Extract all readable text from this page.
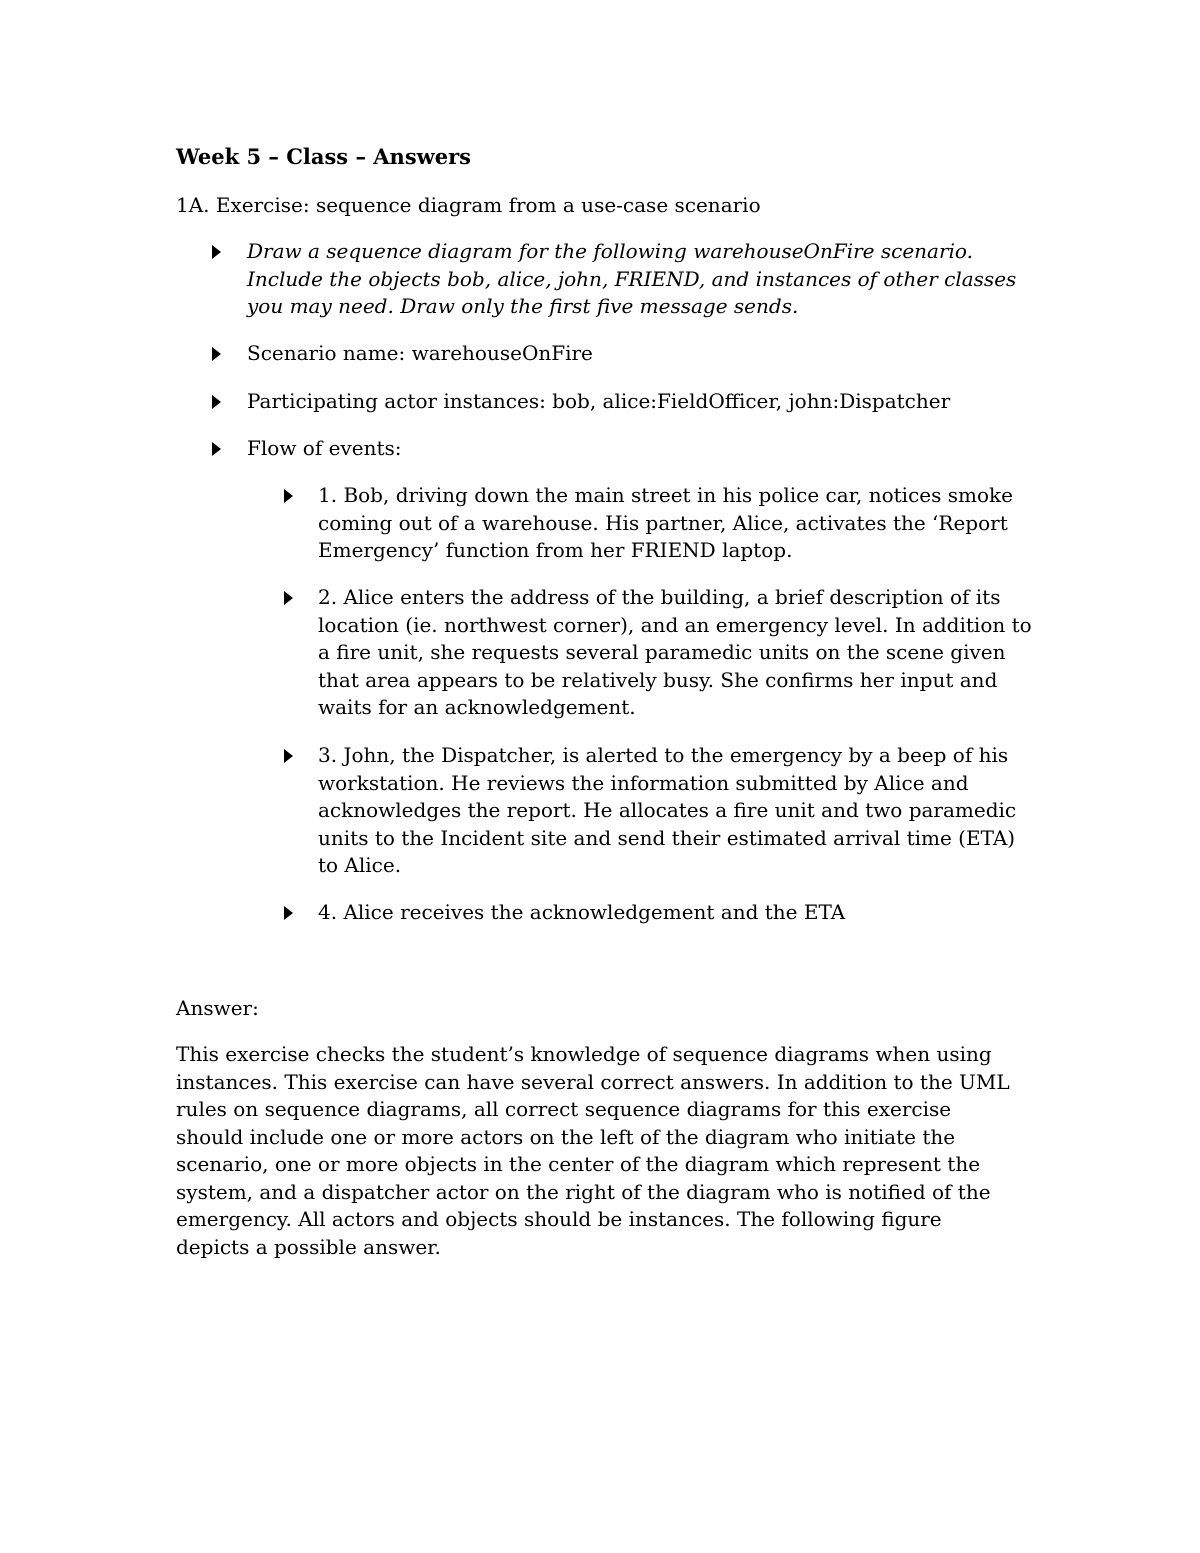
Week 5 – Class – Answers
1A. Exercise: sequence diagram from a use-case scenario
Draw a sequence diagram for the following warehouseOnFire scenario. Include the objects bob, alice, john, FRIEND, and instances of other classes you may need. Draw only the first five message sends.
Scenario name: warehouseOnFire
Participating actor instances: bob, alice:FieldOfficer, john:Dispatcher
Flow of events:
1. Bob, driving down the main street in his police car, notices smoke coming out of a warehouse. His partner, Alice, activates the ‘Report Emergency’ function from her FRIEND laptop.
2. Alice enters the address of the building, a brief description of its location (ie. northwest corner), and an emergency level. In addition to a fire unit, she requests several paramedic units on the scene given that area appears to be relatively busy. She confirms her input and waits for an acknowledgement.
3. John, the Dispatcher, is alerted to the emergency by a beep of his workstation. He reviews the information submitted by Alice and acknowledges the report. He allocates a fire unit and two paramedic units to the Incident site and send their estimated arrival time (ETA) to Alice.
4. Alice receives the acknowledgement and the ETA
Answer:
This exercise checks the student’s knowledge of sequence diagrams when using instances. This exercise can have several correct answers. In addition to the UML rules on sequence diagrams, all correct sequence diagrams for this exercise should include one or more actors on the left of the diagram who initiate the scenario, one or more objects in the center of the diagram which represent the system, and a dispatcher actor on the right of the diagram who is notified of the emergency. All actors and objects should be instances. The following figure depicts a possible answer.
